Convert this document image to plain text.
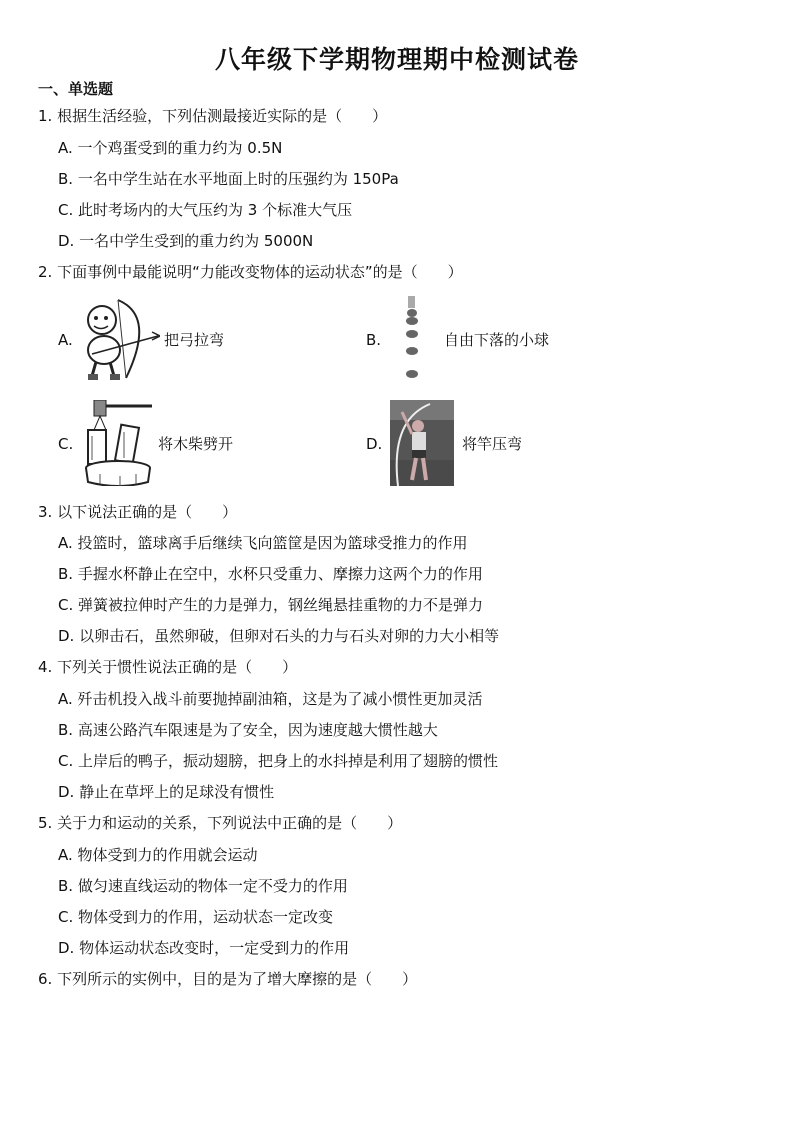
八年级下学期物理期中检测试卷
一、单选题
1. 根据生活经验，下列估测最接近实际的是（　　）
A. 一个鸡蛋受到的重力约为 0.5N
B. 一名中学生站在水平地面上时的压强约为 150Pa
C. 此时考场内的大气压约为 3 个标准大气压
D. 一名中学生受到的重力约为 5000N
2. 下面事例中最能说明“力能改变物体的运动状态”的是（　　）
A.	把弓拉弯	B.	自由下落的小球
C.	将木柴劈开	D.	将竿压弯
3. 以下说法正确的是（　　）
A. 投篮时，篮球离手后继续飞向篮筐是因为篮球受推力的作用
B. 手握水杯静止在空中，水杯只受重力、摩擦力这两个力的作用
C. 弹簧被拉伸时产生的力是弹力，钢丝绳悬挂重物的力不是弹力
D. 以卵击石，虽然卵破，但卵对石头的力与石头对卵的力大小相等
4. 下列关于惯性说法正确的是（　　）
A. 歼击机投入战斗前要抛掉副油箱，这是为了减小惯性更加灵活
B. 高速公路汽车限速是为了安全，因为速度越大惯性越大
C. 上岸后的鸭子，振动翅膀，把身上的水抖掉是利用了翅膀的惯性
D. 静止在草坪上的足球没有惯性
5. 关于力和运动的关系，下列说法中正确的是（　　）
A. 物体受到力的作用就会运动
B. 做匀速直线运动的物体一定不受力的作用
C. 物体受到力的作用，运动状态一定改变
D. 物体运动状态改变时，一定受到力的作用
6. 下列所示的实例中，目的是为了增大摩擦的是（　　）
